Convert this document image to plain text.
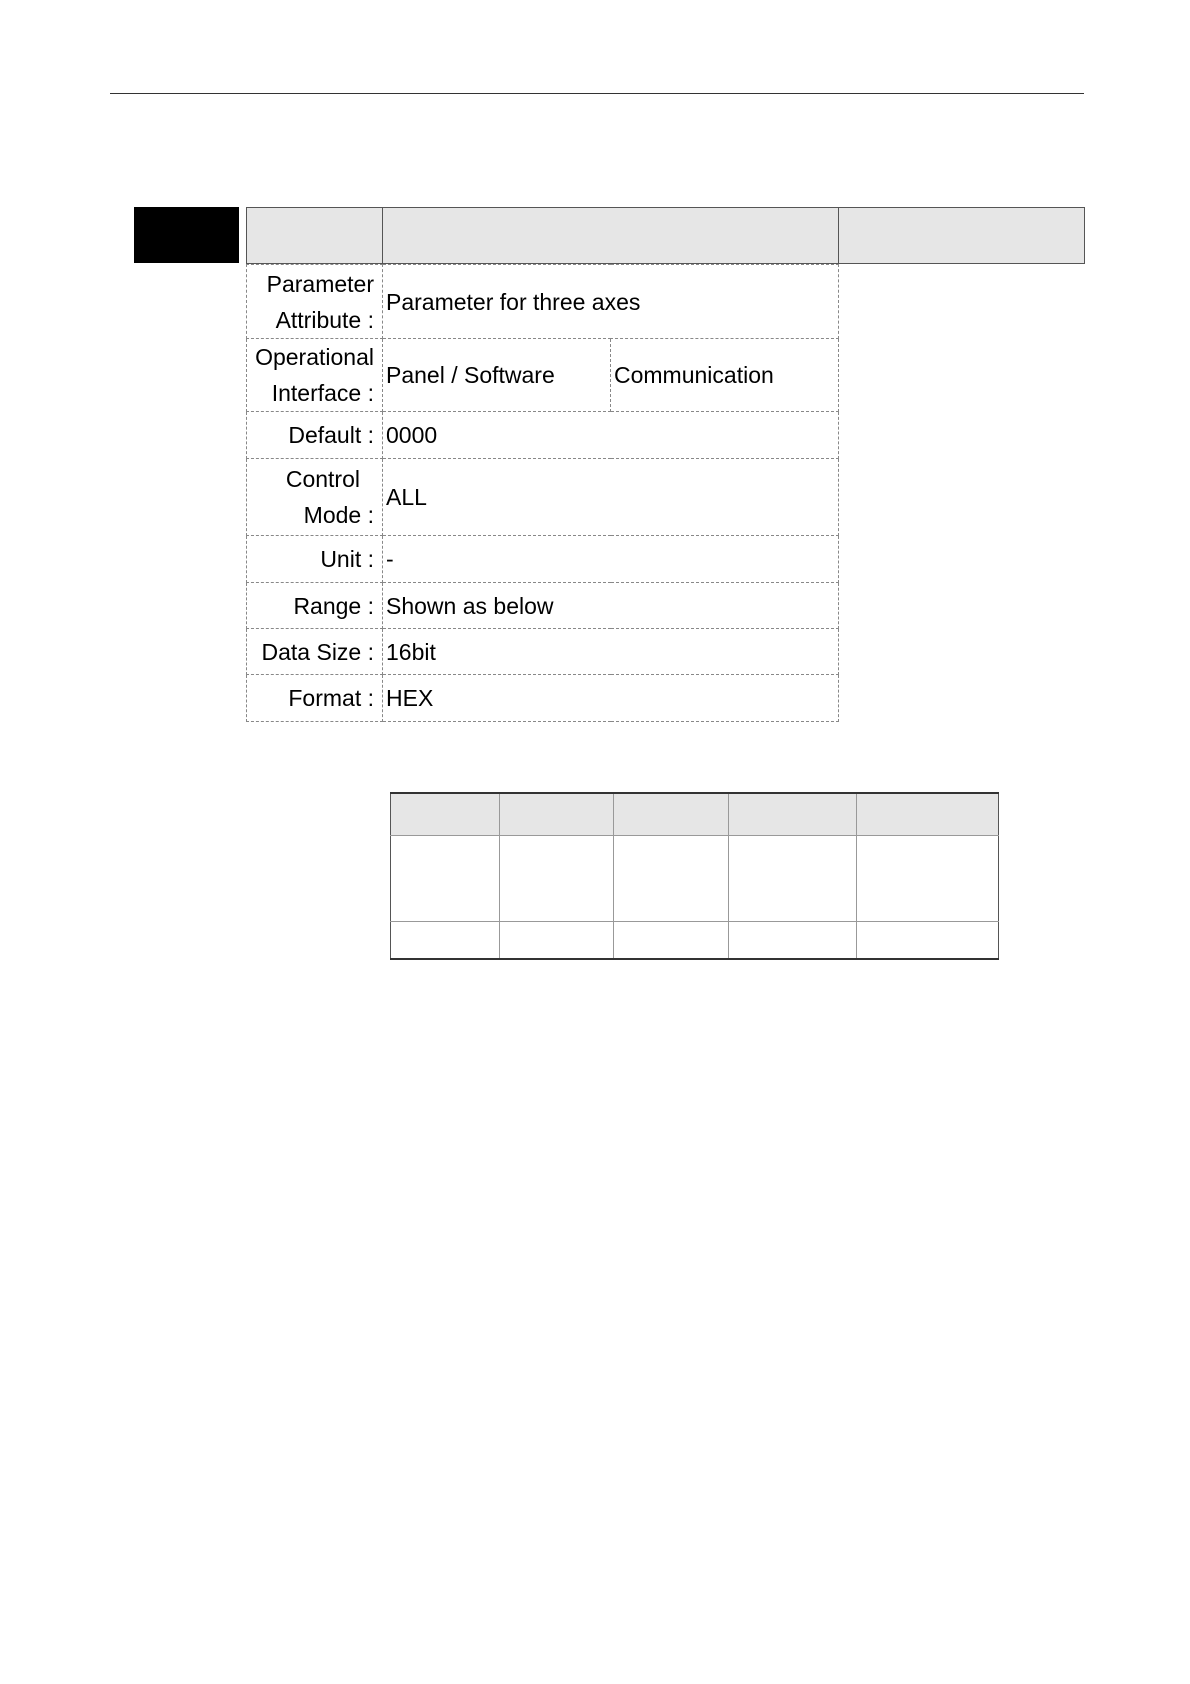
Parameter
Attribute :	Parameter for three axes	

Operational
Interface :	Panel / Software	Communication
Default :	0000	

Control
Mode :	ALL	
Unit :	-	
Range :	Shown as below	
Data Size :	16bit	
Format :	HEX	
